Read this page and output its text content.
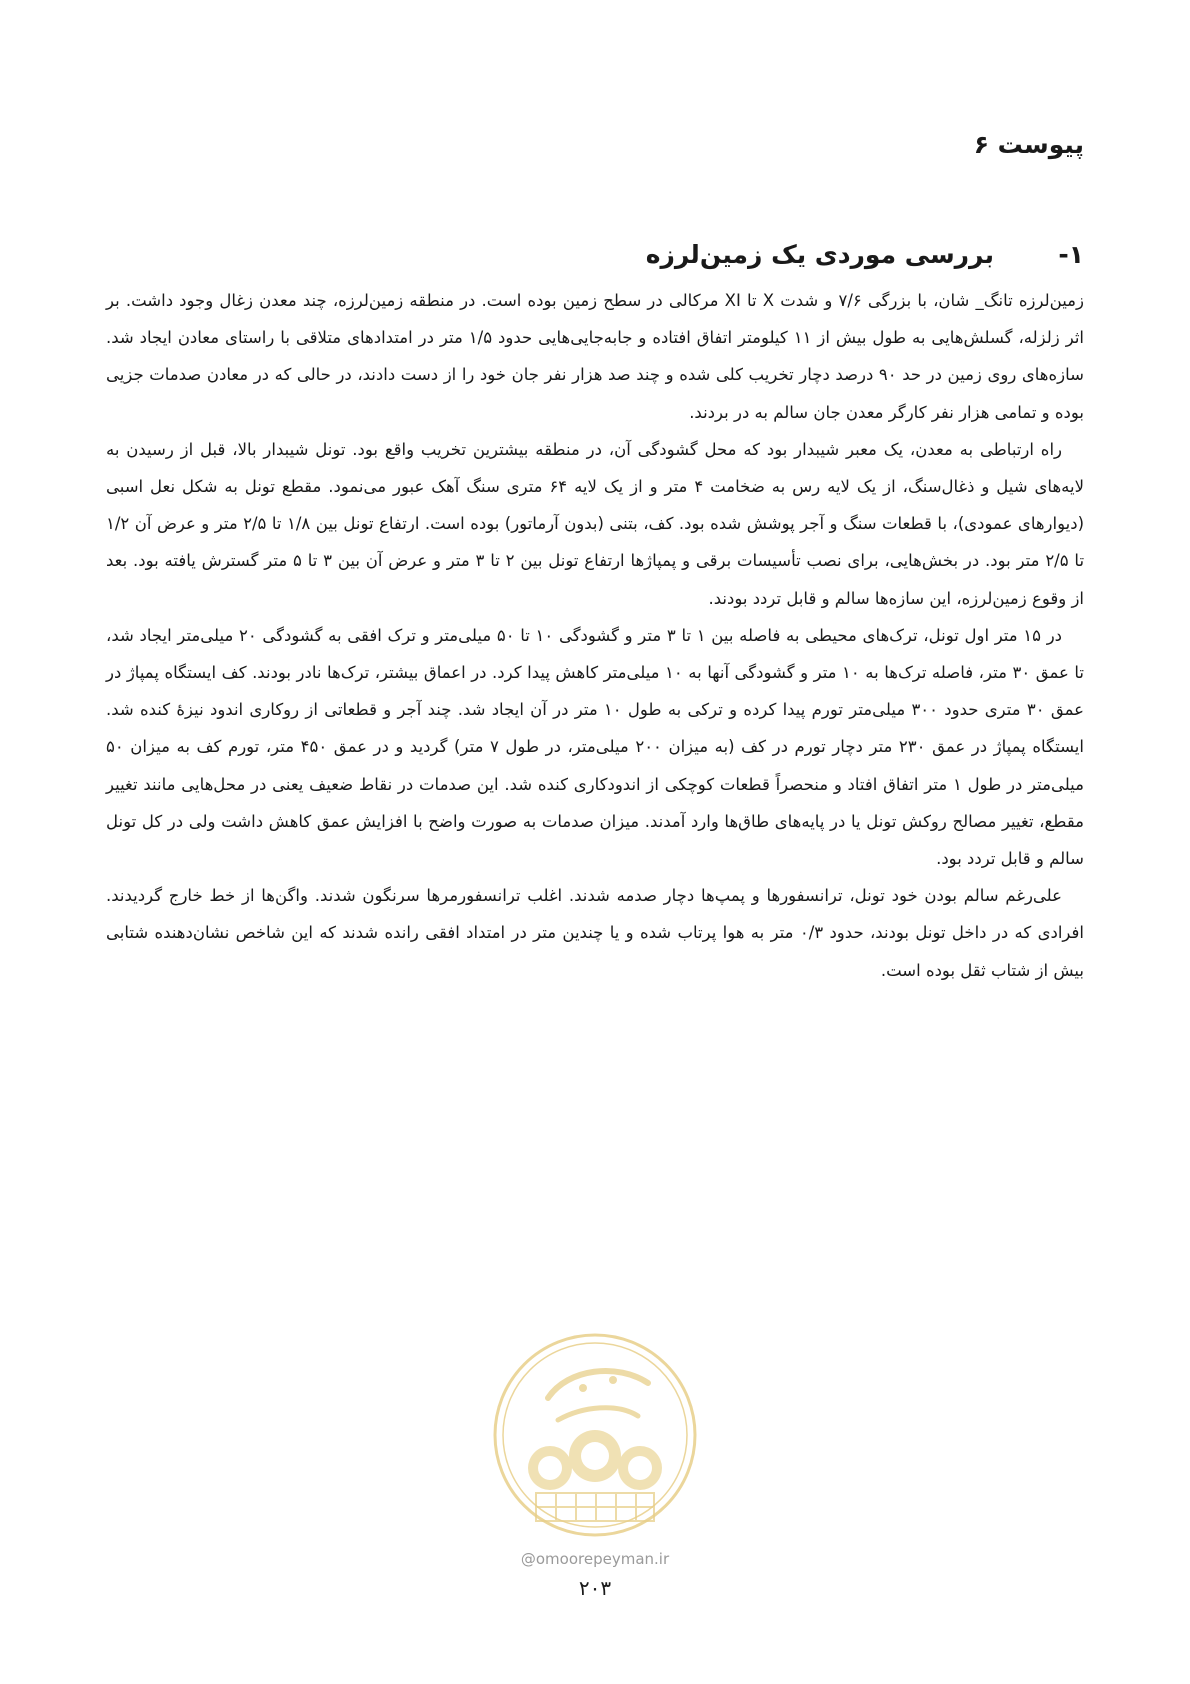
پیوست ۶
۱-
بررسی موردی یک زمین‌لرزه

زمین‌لرزه تانگ_ شان، با بزرگی ۷/۶ و شدت X تا XI مرکالی در سطح زمین بوده است. در منطقه زمین‌لرزه، چند معدن زغال وجود داشت. بر اثر زلزله، گسلش‌هایی به طول بیش از ۱۱ کیلومتر اتفاق افتاده و جابه‌جایی‌هایی حدود ۱/۵ متر در امتدادهای متلاقی با راستای معادن ایجاد شد. سازه‌های روی زمین در حد ۹۰ درصد دچار تخریب کلی شده و چند صد هزار نفر جان خود را از دست دادند، در حالی که در معادن صدمات جزیی بوده و تمامی هزار نفر کارگر معدن جان سالم به در بردند.

راه ارتباطی به معدن، یک معبر شیبدار بود که محل گشودگی آن، در منطقه بیشترین تخریب واقع بود. تونل شیبدار بالا، قبل از رسیدن به لایه‌های شیل و ذغال‌سنگ، از یک لایه رس به ضخامت ۴ متر و از یک لایه ۶۴ متری سنگ آهک عبور می‌نمود. مقطع تونل به شکل نعل اسبی (دیوارهای عمودی)، با قطعات سنگ و آجر پوشش شده بود. کف، بتنی (بدون آرماتور) بوده است. ارتفاع تونل بین ۱/۸ تا ۲/۵ متر و عرض آن ۱/۲ تا ۲/۵ متر بود. در بخش‌هایی، برای نصب تأسیسات برقی و پمپاژها ارتفاع تونل بین ۲ تا ۳ متر و عرض آن بین ۳ تا ۵ متر گسترش یافته بود. بعد از وقوع زمین‌لرزه، این سازه‌ها سالم و قابل تردد بودند.

در ۱۵ متر اول تونل، ترک‌های محیطی به فاصله بین ۱ تا ۳ متر و گشودگی ۱۰ تا ۵۰ میلی‌متر و ترک افقی به گشودگی ۲۰ میلی‌متر ایجاد شد، تا عمق ۳۰ متر، فاصله ترک‌ها به ۱۰ متر و گشودگی آنها به ۱۰ میلی‌متر کاهش پیدا کرد. در اعماق بیشتر، ترک‌ها نادر بودند. کف ایستگاه پمپاژ در عمق ۳۰ متری حدود ۳۰۰ میلی‌متر تورم پیدا کرده و ترکی به طول ۱۰ متر در آن ایجاد شد. چند آجر و قطعاتی از روکاری اندود نیزهٔ کنده شد. ایستگاه پمپاژ در عمق ۲۳۰ متر دچار تورم در کف (به میزان ۲۰۰ میلی‌متر، در طول ۷ متر) گردید و در عمق ۴۵۰ متر، تورم کف به میزان ۵۰ میلی‌متر در طول ۱ متر اتفاق افتاد و منحصراً قطعات کوچکی از اندودکاری کنده شد. این صدمات در نقاط ضعیف یعنی در محل‌هایی مانند تغییر مقطع، تغییر مصالح روکش تونل یا در پایه‌های طاق‌ها وارد آمدند. میزان صدمات به صورت واضح با افزایش عمق کاهش داشت ولی در کل تونل سالم و قابل تردد بود.

علی‌رغم سالم بودن خود تونل، ترانسفورها و پمپ‌ها دچار صدمه شدند. اغلب ترانسفورمرها سرنگون شدند. واگن‌ها از خط خارج گردیدند. افرادی که در داخل تونل بودند، حدود ۰/۳ متر به هوا پرتاب شده و یا چندین متر در امتداد افقی رانده شدند که این شاخص نشان‌دهنده شتابی بیش از شتاب ثقل بوده است.

@omoorepeyman.ir
۲۰۳
